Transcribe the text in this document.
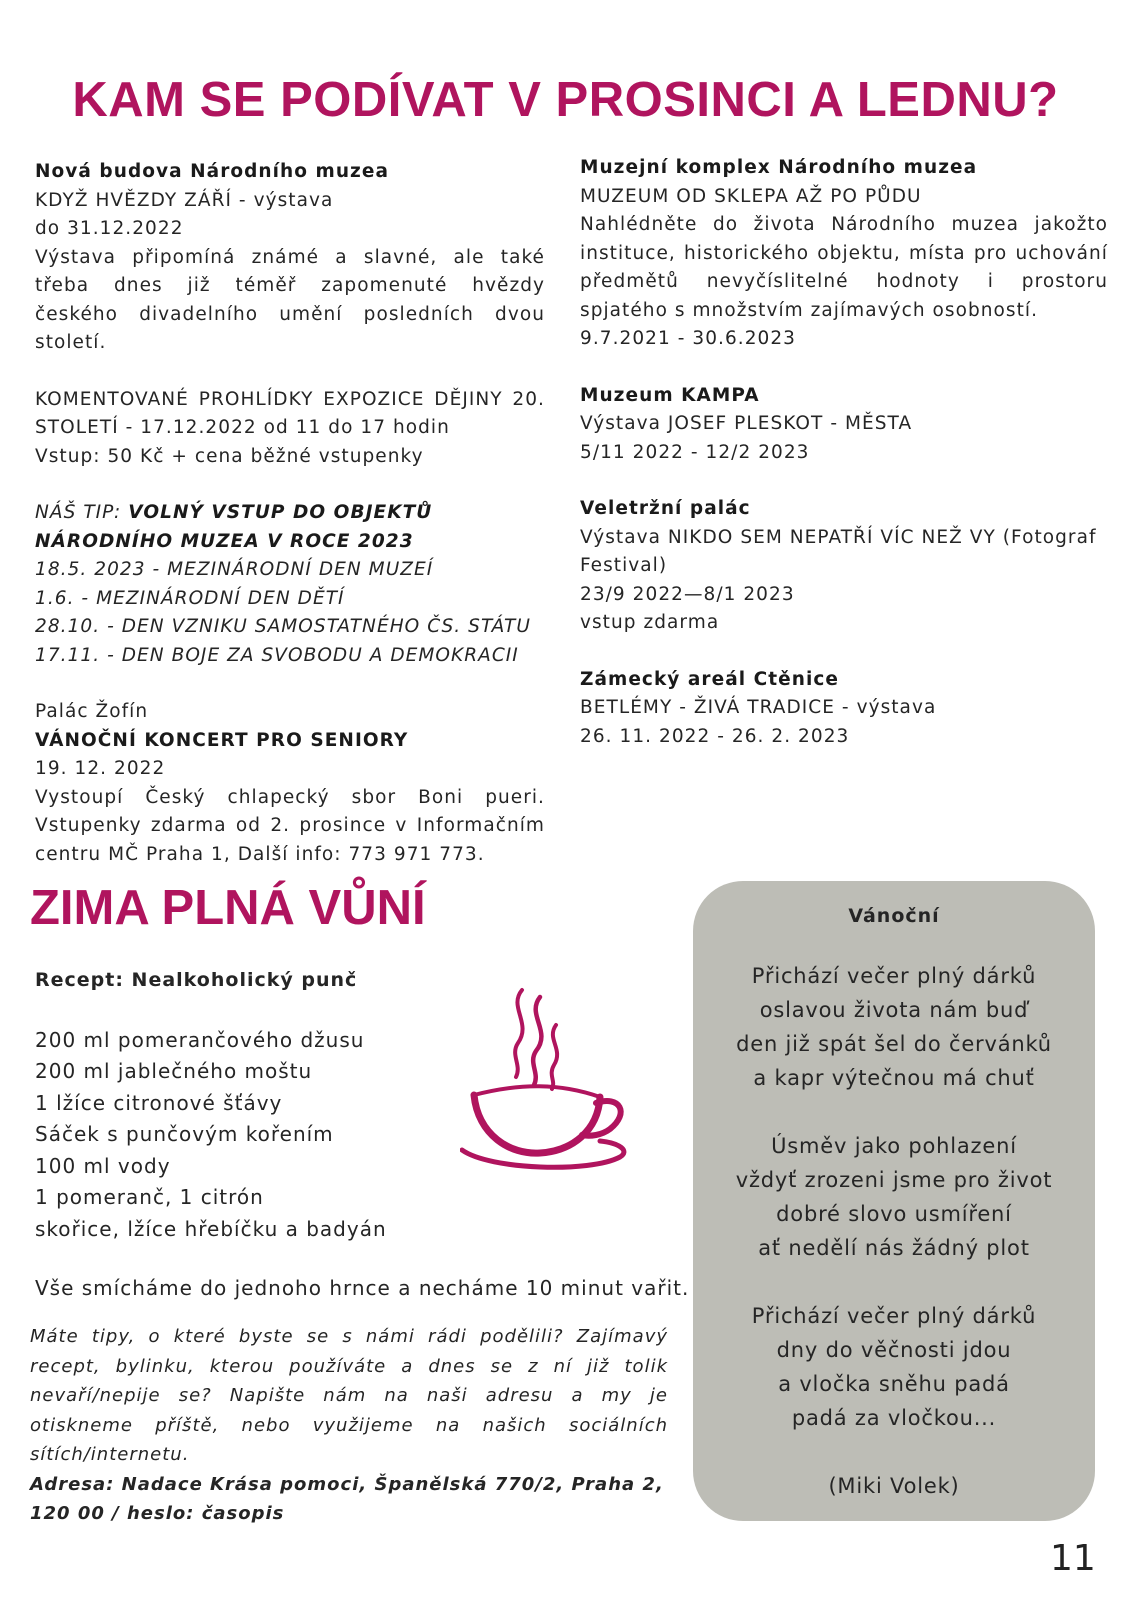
KAM SE PODÍVAT V PROSINCI A LEDNU?

Nová budova Národního muzea

KDYŽ HVĚZDY ZÁŘÍ - výstava

do 31.12.2022

Výstava připomíná známé a slavné, ale také třeba dnes již téměř zapomenuté hvězdy českého divadelního umění posledních dvou století.

KOMENTOVANÉ PROHLÍDKY EXPOZICE DĚJINY 20. STOLETÍ - 17.12.2022 od 11 do 17 hodin

Vstup: 50 Kč + cena běžné vstupenky

NÁŠ TIP: VOLNÝ VSTUP DO OBJEKTŮ NÁRODNÍHO MUZEA V ROCE 2023

18.5. 2023 - MEZINÁRODNÍ DEN MUZEÍ

1.6. - MEZINÁRODNÍ DEN DĚTÍ

28.10. - DEN VZNIKU SAMOSTATNÉHO ČS. STÁTU

17.11. - DEN BOJE ZA SVOBODU A DEMOKRACII

Palác Žofín

VÁNOČNÍ KONCERT PRO SENIORY

19. 12. 2022

Vystoupí Český chlapecký sbor Boni pueri. Vstupenky zdarma od 2. prosince v Informačním centru MČ Praha 1, Další info: 773 971 773.

Muzejní komplex Národního muzea

MUZEUM OD SKLEPA AŽ PO PŮDU

Nahlédněte do života Národního muzea jakožto instituce, historického objektu, místa pro uchování předmětů nevyčíslitelné hodnoty i prostoru spjatého s množstvím zajímavých osobností.

9.7.2021 - 30.6.2023

Muzeum KAMPA

Výstava JOSEF PLESKOT - MĚSTA

5/11 2022 - 12/2 2023

Veletržní palác

Výstava NIKDO SEM NEPATŘÍ VÍC NEŽ VY (Fotograf Festival)

23/9 2022—8/1 2023

vstup zdarma

Zámecký areál Ctěnice

BETLÉMY - ŽIVÁ TRADICE - výstava

26. 11. 2022 - 26. 2. 2023

ZIMA PLNÁ VŮNÍ

Recept: Nealkoholický punč

200 ml pomerančového džusu

200 ml jablečného moštu

1 lžíce citronové šťávy

Sáček s punčovým kořením

100 ml vody

1 pomeranč, 1 citrón

skořice, lžíce hřebíčku a badyán

Vše smícháme do jednoho hrnce a necháme 10 minut vařit.

Máte tipy, o které byste se s námi rádi podělili? Zajímavý recept, bylinku, kterou používáte a dnes se z ní již tolik nevaří/nepije se? Napište nám na naši adresu a my je otiskneme příště, nebo využijeme na našich sociálních sítích/internetu.

Adresa: Nadace Krása pomoci, Španělská 770/2, Praha 2, 120 00 / heslo: časopis

Vánoční

Přichází večer plný dárků

oslavou života nám buď

den již spát šel do červánků

a kapr výtečnou má chuť

Úsměv jako pohlazení

vždyť zrozeni jsme pro život

dobré slovo usmíření

ať nedělí nás žádný plot

Přichází večer plný dárků

dny do věčnosti jdou

a vločka sněhu padá

padá za vločkou...

(Miki Volek)

11
